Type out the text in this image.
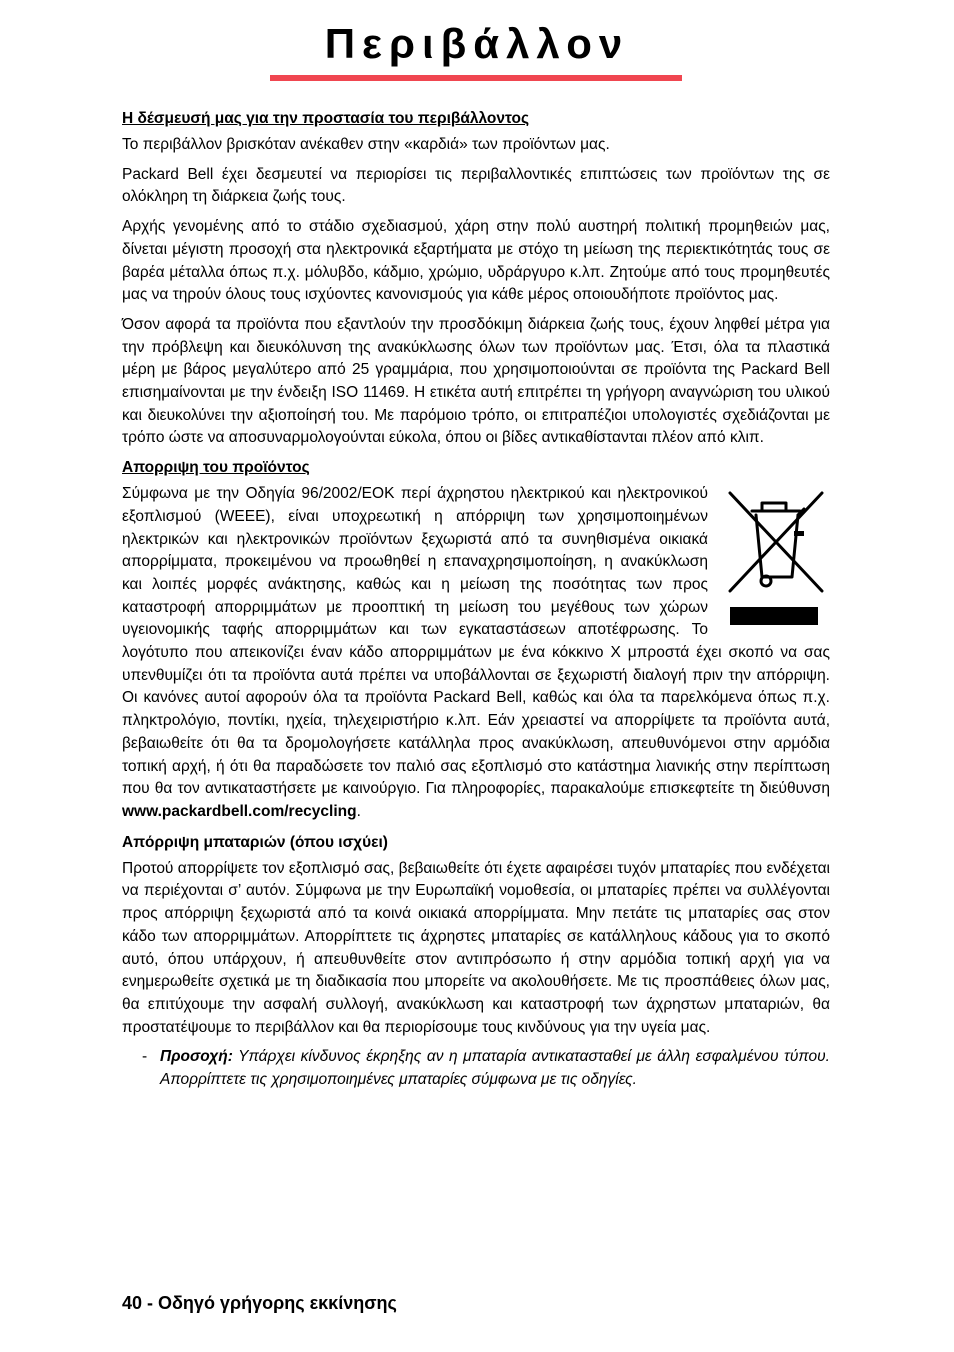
Περιβάλλον
Η δέσμευσή μας για την προστασία του περιβάλλοντος

Το περιβάλλον βρισκόταν ανέκαθεν στην «καρδιά» των προϊόντων μας.

Packard Bell έχει δεσμευτεί να περιορίσει τις περιβαλλοντικές επιπτώσεις των προϊόντων της σε ολόκληρη τη διάρκεια ζωής τους.

Αρχής γενομένης από το στάδιο σχεδιασμού, χάρη στην πολύ αυστηρή πολιτική προμηθειών μας, δίνεται μέγιστη προσοχή στα ηλεκτρονικά εξαρτήματα με στόχο τη μείωση της περιεκτικότητάς τους σε βαρέα μέταλλα όπως π.χ. μόλυβδο, κάδμιο, χρώμιο, υδράργυρο κ.λπ. Ζητούμε από τους προμηθευτές μας να τηρούν όλους τους ισχύοντες κανονισμούς για κάθε μέρος οποιουδήποτε προϊόντος μας.

Όσον αφορά τα προϊόντα που εξαντλούν την προσδόκιμη διάρκεια ζωής τους, έχουν ληφθεί μέτρα για την πρόβλεψη και διευκόλυνση της ανακύκλωσης όλων των προϊόντων μας. Έτσι, όλα τα πλαστικά μέρη με βάρος μεγαλύτερο από 25 γραμμάρια, που χρησιμοποιούνται σε προϊόντα της Packard Bell επισημαίνονται με την ένδειξη ISO 11469. Η ετικέτα αυτή επιτρέπει τη γρήγορη αναγνώριση του υλικού και διευκολύνει την αξιοποίησή του. Με παρόμοιο τρόπο, οι επιτραπέζιοι υπολογιστές σχεδιάζονται με τρόπο ώστε να αποσυναρμολογούνται εύκολα, όπου οι βίδες αντικαθίστανται πλέον από κλιπ.

Απορριψη του προϊόντος

Σύμφωνα με την Οδηγία 96/2002/ΕΟΚ περί άχρηστου ηλεκτρικού και ηλεκτρονικού εξοπλισμού (WEEE), είναι υποχρεωτική η απόρριψη των χρησιμοποιημένων ηλεκτρικών και ηλεκτρονικών προϊόντων ξεχωριστά από τα συνηθισμένα οικιακά απορρίμματα, προκειμένου να προωθηθεί η επαναχρησιμοποίηση, η ανακύκλωση και λοιπές μορφές ανάκτησης, καθώς και η μείωση της ποσότητας των προς καταστροφή απορριμμάτων με προοπτική τη μείωση του μεγέθους των χώρων υγειονομικής ταφής απορριμμάτων και των εγκαταστάσεων αποτέφρωσης. Το λογότυπο που απεικονίζει έναν κάδο απορριμμάτων με ένα κόκκινο Χ μπροστά έχει σκοπό να σας υπενθυμίζει ότι τα προϊόντα αυτά πρέπει να υποβάλλονται σε ξεχωριστή διαλογή πριν την απόρριψη. Οι κανόνες αυτοί αφορούν όλα τα προϊόντα Packard Bell, καθώς και όλα τα παρελκόμενα όπως π.χ. πληκτρολόγιο, ποντίκι, ηχεία, τηλεχειριστήριο κ.λπ. Εάν χρειαστεί να απορρίψετε τα προϊόντα αυτά, βεβαιωθείτε ότι θα τα δρομολογήσετε κατάλληλα προς ανακύκλωση, απευθυνόμενοι στην αρμόδια τοπική αρχή, ή ότι θα παραδώσετε τον παλιό σας εξοπλισμό στο κατάστημα λιανικής στην περίπτωση που θα τον αντικαταστήσετε με καινούργιο. Για πληροφορίες, παρακαλούμε επισκεφτείτε τη διεύθυνση www.packardbell.com/recycling.

Απόρριψη μπαταριών (όπου ισχύει)

Προτού απορρίψετε τον εξοπλισμό σας, βεβαιωθείτε ότι έχετε αφαιρέσει τυχόν μπαταρίες που ενδέχεται να περιέχονται σ’ αυτόν. Σύμφωνα με την Ευρωπαϊκή νομοθεσία, οι μπαταρίες πρέπει να συλλέγονται προς απόρριψη ξεχωριστά από τα κοινά οικιακά απορρίμματα. Μην πετάτε τις μπαταρίες σας στον κάδο των απορριμμάτων. Απορρίπτετε τις άχρηστες μπαταρίες σε κατάλληλους κάδους για το σκοπό αυτό, όπου υπάρχουν, ή απευθυνθείτε στον αντιπρόσωπο ή στην αρμόδια τοπική αρχή για να ενημερωθείτε σχετικά με τη διαδικασία που μπορείτε να ακολουθήσετε. Με τις προσπάθειες όλων μας, θα επιτύχουμε την ασφαλή συλλογή, ανακύκλωση και καταστροφή των άχρηστων μπαταριών, θα προστατέψουμε το περιβάλλον και θα περιορίσουμε τους κινδύνους για την υγεία μας.

- Προσοχή: Υπάρχει κίνδυνος έκρηξης αν η μπαταρία αντικατασταθεί με άλλη εσφαλμένου τύπου. Απορρίπτετε τις χρησιμοποιημένες μπαταρίες σύμφωνα με τις οδηγίες.
40 - Οδηγό γρήγορης εκκίνησης
